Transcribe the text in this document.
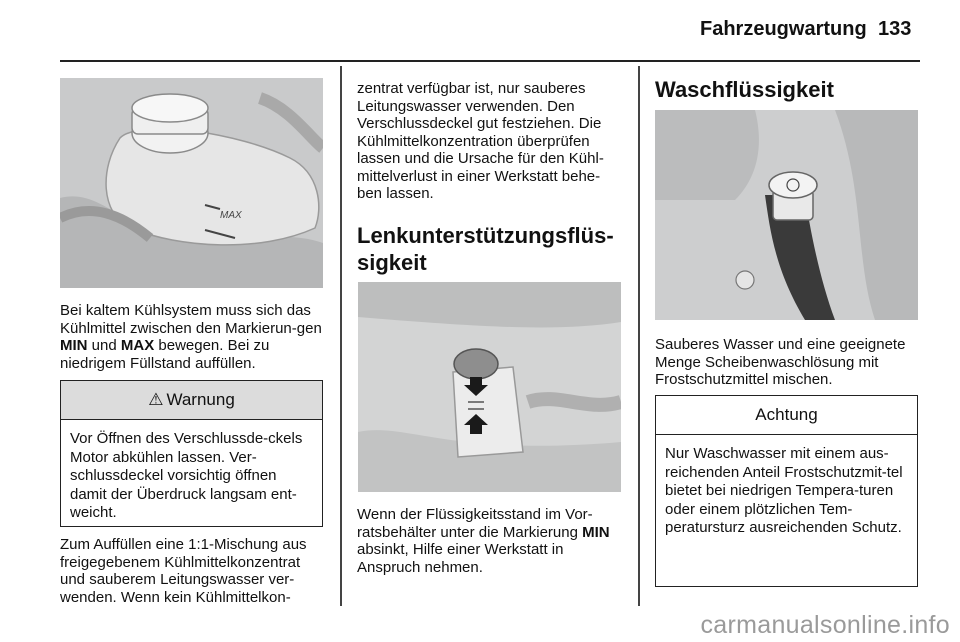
Fahrzeugwartung 133
MAX

Bei kaltem Kühlsystem muss sich das Kühlmittel zwischen den Markierun-gen MIN und MAX bewegen. Bei zu niedrigem Füllstand auffüllen.

⚠ Warnung
Vor Öffnen des Verschlussde-ckels Motor abkühlen lassen. Ver-schlussdeckel vorsichtig öffnen damit der Überdruck langsam ent-weicht.

Zum Auffüllen eine 1:1-Mischung aus freigegebenem Kühlmittelkonzentrat und sauberem Leitungswasser ver-wenden. Wenn kein Kühlmittelkon-

zentrat verfügbar ist, nur sauberes Leitungswasser verwenden. Den Verschlussdeckel gut festziehen. Die Kühlmittelkonzentration überprüfen lassen und die Ursache für den Kühl-mittelverlust in einer Werkstatt behe-ben lassen.

Lenkunterstützungsflüs-sigkeit

Wenn der Flüssigkeitsstand im Vor-ratsbehälter unter die Markierung MIN absinkt, Hilfe einer Werkstatt in Anspruch nehmen.

Waschflüssigkeit

Sauberes Wasser und eine geeignete Menge Scheibenwaschlösung mit Frostschutzmittel mischen.

Achtung
Nur Waschwasser mit einem aus-reichenden Anteil Frostschutzmit-tel bietet bei niedrigen Tempera-turen oder einem plötzlichen Tem-peratursturz ausreichenden Schutz.
carmanualsonline.info
